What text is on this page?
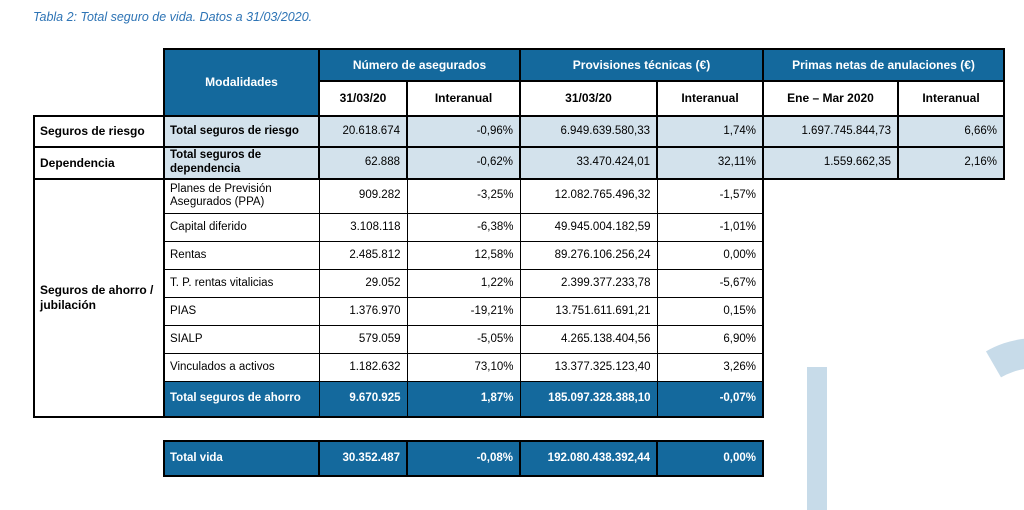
Tabla 2: Total seguro de vida. Datos a 31/03/2020.
	Modalidades	Número de asegurados		Provisiones técnicas (€)		Primas netas de anulaciones (€)	
		31/03/20	Interanual	31/03/20	Interanual	Ene – Mar 2020	Interanual
Seguros de riesgo	Total seguros de riesgo	20.618.674	-0,96%	6.949.639.580,33	1,74%	1.697.745.844,73	6,66%
Dependencia	Total seguros de dependencia	62.888	-0,62%	33.470.424,01	32,11%	1.559.662,35	2,16%
Seguros de ahorro / jubilación	Planes de Previsión Asegurados (PPA)	909.282	-3,25%	12.082.765.496,32	-1,57%		
	Capital diferido	3.108.118	-6,38%	49.945.004.182,59	-1,01%		
	Rentas	2.485.812	12,58%	89.276.106.256,24	0,00%		
	T. P. rentas vitalicias	29.052	1,22%	2.399.377.233,78	-5,67%		
	PIAS	1.376.970	-19,21%	13.751.611.691,21	0,15%		
	SIALP	579.059	-5,05%	4.265.138.404,56	6,90%		
	Vinculados a activos	1.182.632	73,10%	13.377.325.123,40	3,26%		
	Total seguros de ahorro	9.670.925	1,87%	185.097.328.388,10	-0,07%		
Total vida	30.352.487	-0,08%	192.080.438.392,44	0,00%
